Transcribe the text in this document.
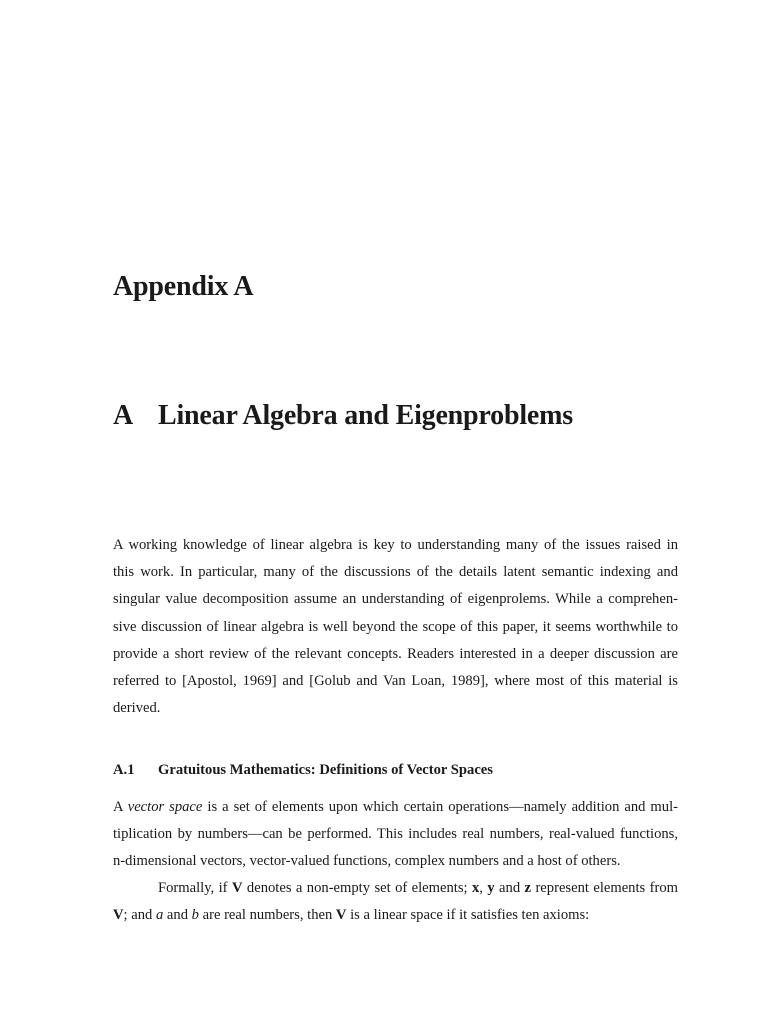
Appendix A
A Linear Algebra and Eigenproblems
A working knowledge of linear algebra is key to understanding many of the issues raised in
this work. In particular, many of the discussions of the details latent semantic indexing and
singular value decomposition assume an understanding of eigenprolems. While a comprehen-
sive discussion of linear algebra is well beyond the scope of this paper, it seems worthwhile to
provide a short review of the relevant concepts. Readers interested in a deeper discussion are
referred to [Apostol, 1969] and [Golub and Van Loan, 1989], where most of this material is
derived.
A.1 Gratuitous Mathematics: Definitions of Vector Spaces
A vector space is a set of elements upon which certain operations—namely addition and mul-
tiplication by numbers—can be performed. This includes real numbers, real-valued functions,
n-dimensional vectors, vector-valued functions, complex numbers and a host of others.
Formally, if V denotes a non-empty set of elements; x, y and z represent elements from
V; and a and b are real numbers, then V is a linear space if it satisfies ten axioms:
